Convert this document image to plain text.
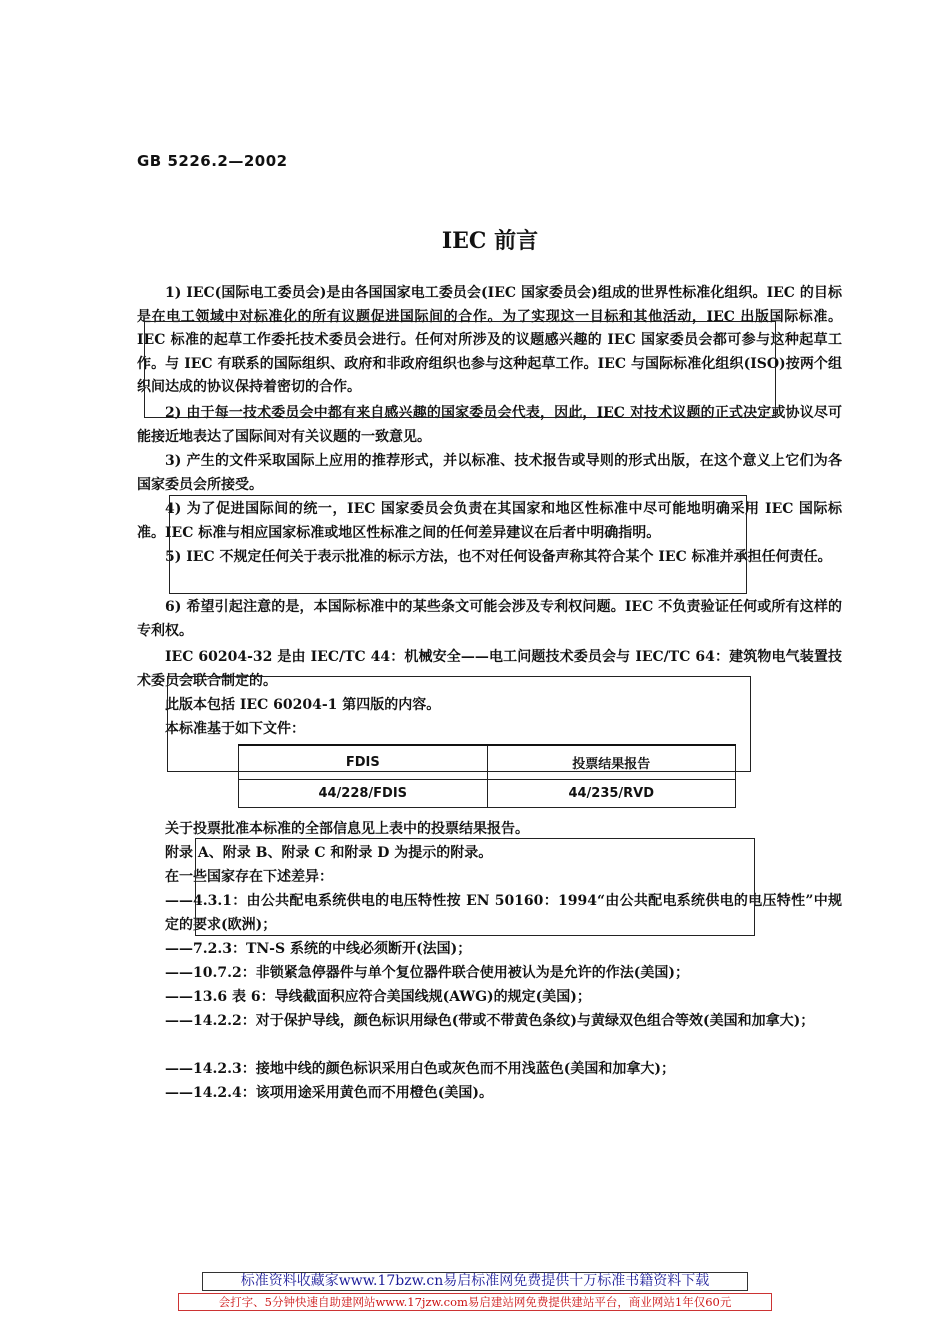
GB 5226.2—2002
IEC 前言
1) IEC(国际电工委员会)是由各国国家电工委员会(IEC 国家委员会)组成的世界性标准化组织。IEC 的目标是在电工领域中对标准化的所有议题促进国际间的合作。为了实现这一目标和其他活动，IEC 出版国际标准。IEC 标准的起草工作委托技术委员会进行。任何对所涉及的议题感兴趣的 IEC 国家委员会都可参与这种起草工作。与 IEC 有联系的国际组织、政府和非政府组织也参与这种起草工作。IEC 与国际标准化组织(ISO)按两个组织间达成的协议保持着密切的合作。
2) 由于每一技术委员会中都有来自感兴趣的国家委员会代表，因此，IEC 对技术议题的正式决定或协议尽可能接近地表达了国际间对有关议题的一致意见。
3) 产生的文件采取国际上应用的推荐形式，并以标准、技术报告或导则的形式出版，在这个意义上它们为各国家委员会所接受。
4) 为了促进国际间的统一，IEC 国家委员会负责在其国家和地区性标准中尽可能地明确采用 IEC 国际标准。IEC 标准与相应国家标准或地区性标准之间的任何差异建议在后者中明确指明。
5) IEC 不规定任何关于表示批准的标示方法，也不对任何设备声称其符合某个 IEC 标准并承担任何责任。
6) 希望引起注意的是，本国际标准中的某些条文可能会涉及专利权问题。IEC 不负责验证任何或所有这样的专利权。
IEC 60204-32 是由 IEC/TC 44：机械安全——电工问题技术委员会与 IEC/TC 64：建筑物电气装置技术委员会联合制定的。
此版本包括 IEC 60204-1 第四版的内容。
本标准基于如下文件：
FDIS	投票结果报告
44/228/FDIS	44/235/RVD
关于投票批准本标准的全部信息见上表中的投票结果报告。
附录 A、附录 B、附录 C 和附录 D 为提示的附录。
在一些国家存在下述差异：
——4.3.1：由公共配电系统供电的电压特性按 EN 50160：1994“由公共配电系统供电的电压特性”中规定的要求(欧洲)；
——7.2.3：TN-S 系统的中线必须断开(法国)；
——10.7.2：非锁紧急停器件与单个复位器件联合使用被认为是允许的作法(美国)；
——13.6 表 6：导线截面积应符合美国线规(AWG)的规定(美国)；
——14.2.2：对于保护导线，颜色标识用绿色(带或不带黄色条纹)与黄绿双色组合等效(美国和加拿大)；
——14.2.3：接地中线的颜色标识采用白色或灰色而不用浅蓝色(美国和加拿大)；
——14.2.4：该项用途采用黄色而不用橙色(美国)。
标准资料收藏家www.17bzw.cn易启标准网免费提供十万标准书籍资料下载
会打字、5分钟快速自助建网站www.17jzw.com易启建站网免费提供建站平台，商业网站1年仅60元
